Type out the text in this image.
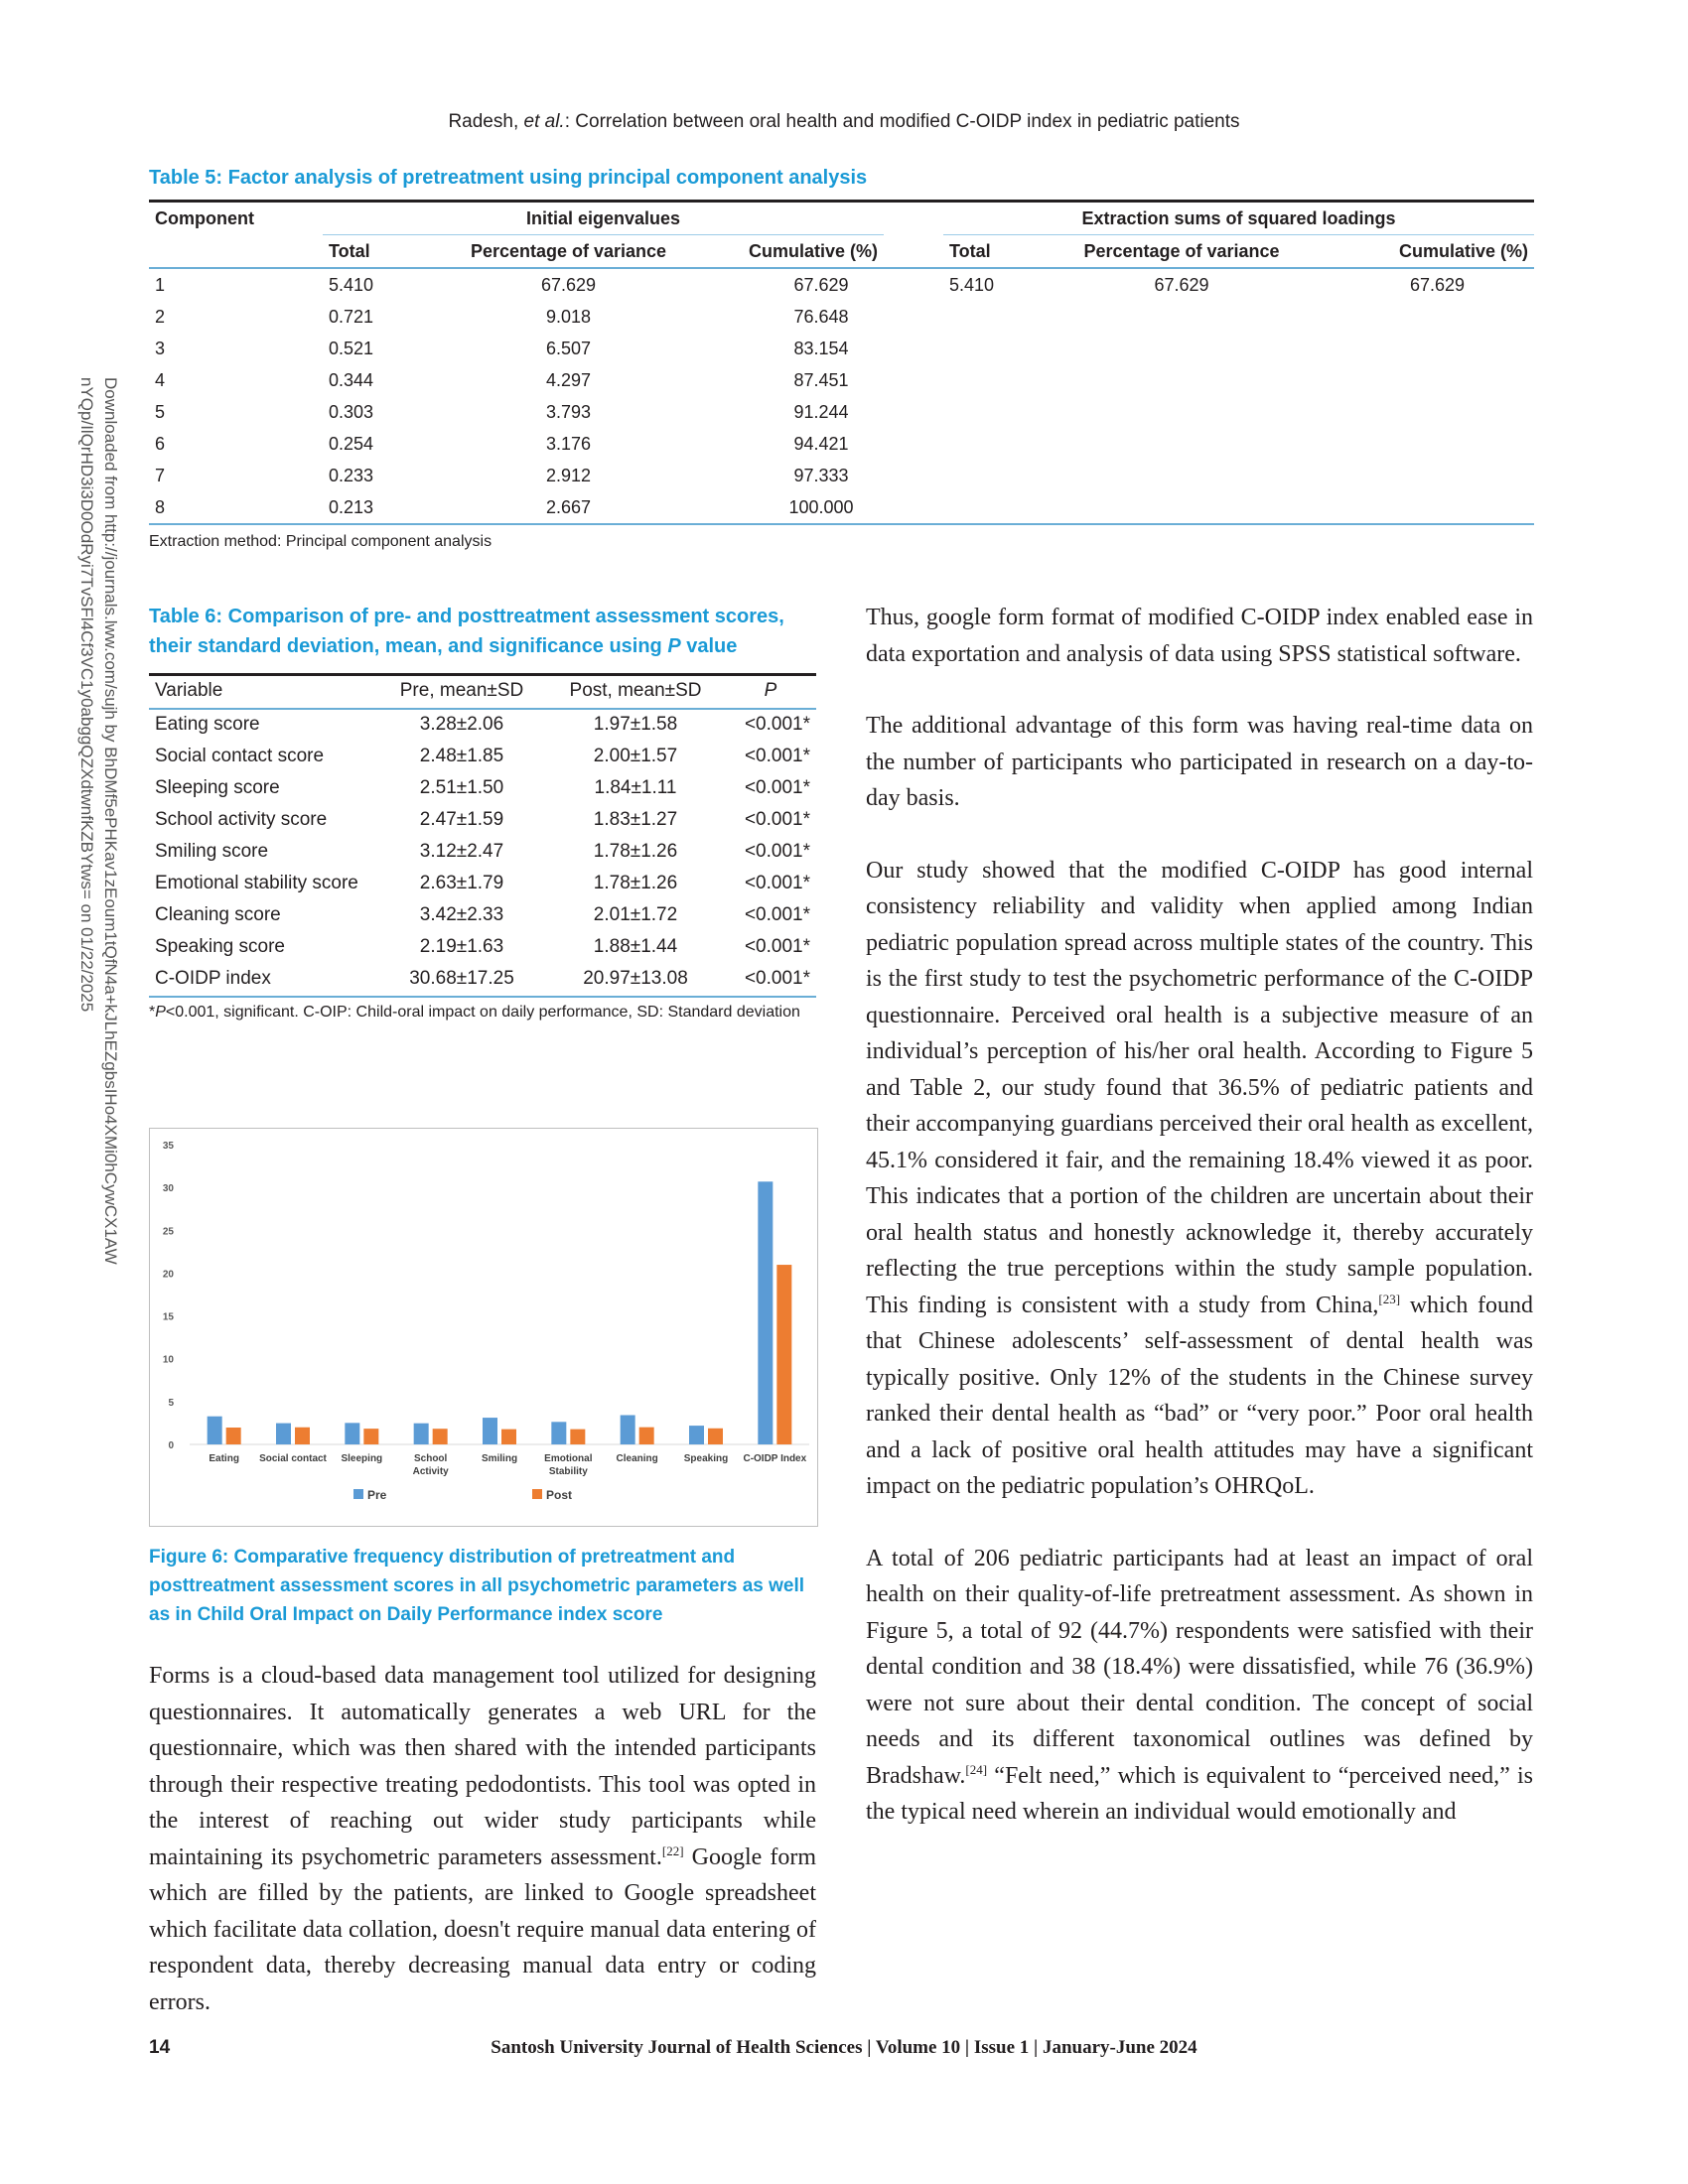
Radesh, et al.: Correlation between oral health and modified C-OIDP index in pediatric patients
Downloaded from http://journals.lww.com/sujh by BhDMf5ePHKav1zEoum1tQfN4a+kJLhEZgbsIHo4XMi0hCywCX1AW
nYQp/IlQrHD3i3D0OdRyi7TvSFl4Cf3VC1y0abggQZXdtwnfKZBYtws= on 01/22/2025
Table 5: Factor analysis of pretreatment using principal component analysis
Component	Initial eigenvalues				Extraction sums of squared loadings		
	Total	Percentage of variance	Cumulative (%)		Total	Percentage of variance	Cumulative (%)
1	5.410	67.629	67.629		5.410	67.629	67.629
2	0.721	9.018	76.648				
3	0.521	6.507	83.154				
4	0.344	4.297	87.451				
5	0.303	3.793	91.244				
6	0.254	3.176	94.421				
7	0.233	2.912	97.333				
8	0.213	2.667	100.000				
Extraction method: Principal component analysis
Table 6: Comparison of pre- and posttreatment assessment scores, their standard deviation, mean, and significance using P value
Variable	Pre, mean±SD	Post, mean±SD	P
Eating score	3.28±2.06	1.97±1.58	<0.001*
Social contact score	2.48±1.85	2.00±1.57	<0.001*
Sleeping score	2.51±1.50	1.84±1.11	<0.001*
School activity score	2.47±1.59	1.83±1.27	<0.001*
Smiling score	3.12±2.47	1.78±1.26	<0.001*
Emotional stability score	2.63±1.79	1.78±1.26	<0.001*
Cleaning score	3.42±2.33	2.01±1.72	<0.001*
Speaking score	2.19±1.63	1.88±1.44	<0.001*
C-OIDP index	30.68±17.25	20.97±13.08	<0.001*
*P<0.001, significant. C-OIP: Child-oral impact on daily performance, SD: Standard deviation
0
5
10
15
20
25
30
35
Eating Social contact Sleeping	School
Activity
Smiling	Emotional
Stability
Cleaning	Speaking C-OIDP Index
Pre	Post
Figure 6: Comparative frequency distribution of pretreatment and posttreatment assessment scores in all psychometric parameters as well as in Child Oral Impact on Daily Performance index score

Forms is a cloud-based data management tool utilized for designing questionnaires. It automatically generates a web URL for the questionnaire, which was then shared with the intended participants through their respective treating pedodontists. This tool was opted in the interest of reaching out wider study participants while maintaining its psychometric parameters assessment.[22] Google form which are filled by the patients, are linked to Google spreadsheet which facilitate data collation, doesn't require manual data entering of respondent data, thereby decreasing manual data entry or coding errors.

Thus, google form format of modified C-OIDP index enabled ease in data exportation and analysis of data using SPSS statistical software.

The additional advantage of this form was having real-time data on the number of participants who participated in research on a day-to-day basis.

Our study showed that the modified C-OIDP has good internal consistency reliability and validity when applied among Indian pediatric population spread across multiple states of the country. This is the first study to test the psychometric performance of the C-OIDP questionnaire. Perceived oral health is a subjective measure of an individual’s perception of his/her oral health. According to Figure 5 and Table 2, our study found that 36.5% of pediatric patients and their accompanying guardians perceived their oral health as excellent, 45.1% considered it fair, and the remaining 18.4% viewed it as poor. This indicates that a portion of the children are uncertain about their oral health status and honestly acknowledge it, thereby accurately reflecting the true perceptions within the study sample population. This finding is consistent with a study from China,[23] which found that Chinese adolescents’ self-assessment of dental health was typically positive. Only 12% of the students in the Chinese survey ranked their dental health as “bad” or “very poor.” Poor oral health and a lack of positive oral health attitudes may have a significant impact on the pediatric population’s OHRQoL.

A total of 206 pediatric participants had at least an impact of oral health on their quality-of-life pretreatment assessment. As shown in Figure 5, a total of 92 (44.7%) respondents were satisfied with their dental condition and 38 (18.4%) were dissatisfied, while 76 (36.9%) were not sure about their dental condition. The concept of social needs and its different taxonomical outlines was defined by Bradshaw.[24] “Felt need,” which is equivalent to “perceived need,” is the typical need wherein an individual would emotionally and

14	Santosh University Journal of Health Sciences | Volume 10 | Issue 1 | January-June 2024
